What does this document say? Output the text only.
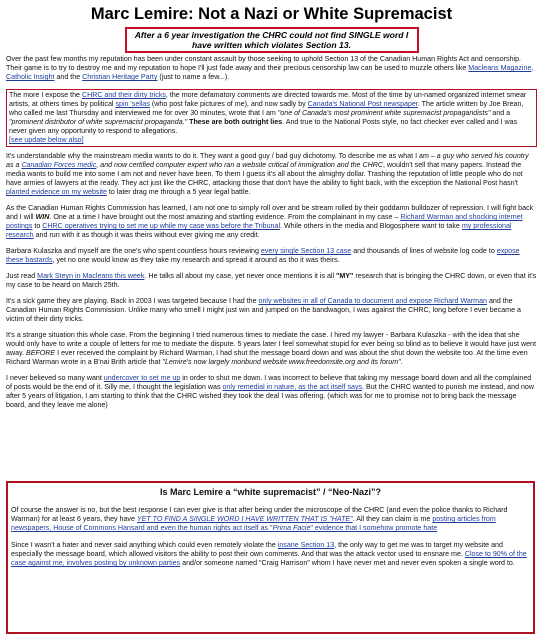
Marc Lemire: Not a Nazi or White Supremacist
After a 6 year investigation the CHRC could not find SINGLE word I have written which violates Section 13.

Over the past few months my reputation has been under constant assault by those seeking to uphold Section 13 of the Canadian Human Rights Act and censorship. Their game is to try to destroy me and my reputation to hope I'll just fade away and their precious censorship law can be used to muzzle others like Macleans Magazine, Catholic Insight and the Christian Heritage Party (just to name a few...).

The more I expose the CHRC and their dirty tricks, the more defamatory comments are directed towards me. Most of the time by un-named organized internet smear artists, at others times by political spin 'sellas (who post fake pictures of me), and now sadly by Canada's National Post newspaper. The article written by Joe Brean, who called me last Thursday and interviewed me for over 30 minutes, wrote that I am "one of Canada's most prominent white supremacist propagandists" and a "prominent distributor of white supremacist propaganda." These are both outright lies. And true to the National Posts style, no fact checker ever called and I was never given any opportunity to respond to allegations.
[see update below also]

It's understandable why the mainstream media wants to do it. They want a good guy / bad guy dichotomy. To describe me as what I am – a guy who served his country as a Canadian Forces medic, and now certified computer expert who ran a website critical of immigration and the CHRC, wouldn't sell that many papers. Instead the media wants to build me into some I am not and never have been. To them I guess it's all about the almighty dollar. Trashing the reputation of little people who do not have armies of lawyers at the ready. They act just like the CHRC, attacking those that don't have the ability to fight back, with the exception the National Post hasn't planted evidence on my website to later drag me through a 5 year legal battle.

As the Canadian Human Rights Commission has learned, I am not one to simply roll over and be stream rolled by their goddamn bulldozer of repression. I will fight back and I will WIN. One at a time I have brought out the most amazing and startling evidence. From the complainant in my case – Richard Warman and shocking internet postings to CHRC operatives trying to set me up while my case was before the Tribunal. While others in the media and Blogosphere want to take my professional research and run with it as though it was theirs without ever giving me any credit.

Barbara Kulaszka and myself are the one's who spent countless hours reviewing every single Section 13 case and thousands of lines of website log code to expose these bastards, yet no one would know as they take my research and spread it around as tho it was theirs.

Just read Mark Steyn in Macleans this week. He talks all about my case, yet never once mentions it is all "MY" research that is bringing the CHRC down, or even that it's my case to be heard on March 25th.

It's a sick game they are playing. Back in 2003 I was targeted because I had the only websites in all of Canada to document and expose Richard Warman and the Canadian Human Rights Commission. Unlike many who smell I might just win and jumped on the bandwagon, I was against the CHRC, long before I ever became a victim of their dirty tricks.

It's a strange situation this whole case. From the beginning I tried numerous times to mediate the case. I hired my lawyer - Barbara Kulaszka - with the idea that she would only have to write a couple of letters for me to mediate the dispute. 5 years later I feel somewhat stupid for ever being so blind as to believe it would have just went away. BEFORE I ever received the complaint by Richard Warman, I had shut the message board down and was about the shut down the website too. At the time even Richard Warman wrote in a B'nai Brith article that "Lemire's now largely moribund website www.freedomsite.org and its forum".

I never believed so many want undercover to set me up in order to shut me down. I was incorrect to believe that taking my message board down and all the complained of posts would be the end of it. Silly me, I thought the legislation was only remedial in nature, as the act itself says. But the CHRC wanted to punish me instead, and now after 5 years of litigation, I am starting to think that the CHRC wished they took the deal I was offering. (which was for me to promise not to bring back the message board, and they leave me alone)

Is Marc Lemire a “white supremacist” / “Neo-Nazi”?

Of course the answer is no, but the best response I can ever give is that after being under the microscope of the CHRC (and even the police thanks to Richard Warman) for at least 6 years, they have YET TO FIND A SINGLE WORD I HAVE WRITTEN THAT IS "HATE". All they can claim is me posting articles from newspapers, House of Commons Hansard and even the human rights act itself as "Prima Facie" evidence that I somehow promote hate

Since I wasn't a hater and never said anything which could even remotely violate the insane Section 13, the only way to get me was to target my website and especially the message board, which allowed visitors the ability to post their own comments. And that was the attack vector used to ensnare me. Close to 90% of the case against me, involves posting by unknown parties and/or someone named "Craig Harrison" whom I have never met and never even spoken a single word to.
